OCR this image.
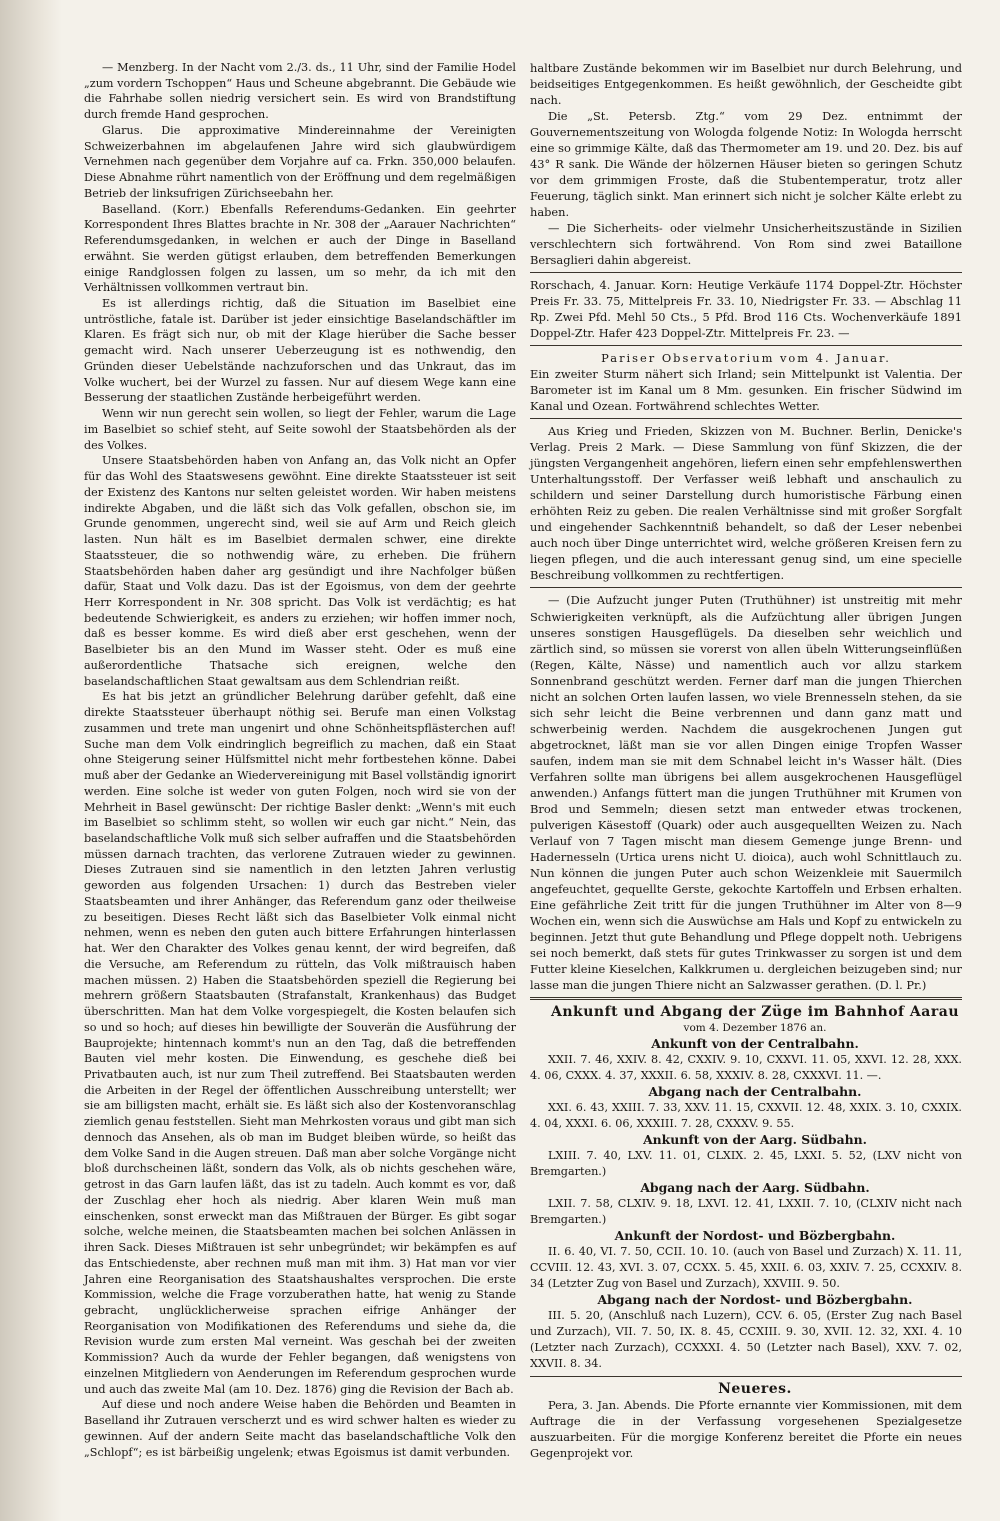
— Menzberg. In der Nacht vom 2./3. ds., 11 Uhr, sind der Familie Hodel „zum vordern Tschoppen“ Haus und Scheune abgebrannt. Die Gebäude wie die Fahrhabe sollen niedrig versichert sein. Es wird von Brandstiftung durch fremde Hand gesprochen.

Glarus. Die approximative Mindereinnahme der Vereinigten Schweizerbahnen im abgelaufenen Jahre wird sich glaubwürdigem Vernehmen nach gegenüber dem Vorjahre auf ca. Frkn. 350,000 belaufen. Diese Abnahme rührt namentlich von der Eröffnung und dem regelmäßigen Betrieb der linksufrigen Zürichseebahn her.

Baselland. (Korr.) Ebenfalls Referendums-Gedanken. Ein geehrter Korrespondent Ihres Blattes brachte in Nr. 308 der „Aarauer Nachrichten“ Referendumsgedanken, in welchen er auch der Dinge in Baselland erwähnt. Sie werden gütigst erlauben, dem betreffenden Bemerkungen einige Randglossen folgen zu lassen, um so mehr, da ich mit den Verhältnissen vollkommen vertraut bin.

Es ist allerdings richtig, daß die Situation im Baselbiet eine untröstliche, fatale ist. Darüber ist jeder einsichtige Baselandschäftler im Klaren. Es frägt sich nur, ob mit der Klage hierüber die Sache besser gemacht wird. Nach unserer Ueberzeugung ist es nothwendig, den Gründen dieser Uebelstände nachzuforschen und das Unkraut, das im Volke wuchert, bei der Wurzel zu fassen. Nur auf diesem Wege kann eine Besserung der staatlichen Zustände herbeigeführt werden.

Wenn wir nun gerecht sein wollen, so liegt der Fehler, warum die Lage im Baselbiet so schief steht, auf Seite sowohl der Staatsbehörden als der des Volkes.

Unsere Staatsbehörden haben von Anfang an, das Volk nicht an Opfer für das Wohl des Staatswesens gewöhnt. Eine direkte Staatssteuer ist seit der Existenz des Kantons nur selten geleistet worden. Wir haben meistens indirekte Abgaben, und die läßt sich das Volk gefallen, obschon sie, im Grunde genommen, ungerecht sind, weil sie auf Arm und Reich gleich lasten. Nun hält es im Baselbiet dermalen schwer, eine direkte Staatssteuer, die so nothwendig wäre, zu erheben. Die frühern Staatsbehörden haben daher arg gesündigt und ihre Nachfolger büßen dafür, Staat und Volk dazu. Das ist der Egoismus, von dem der geehrte Herr Korrespondent in Nr. 308 spricht. Das Volk ist verdächtig; es hat bedeutende Schwierigkeit, es anders zu erziehen; wir hoffen immer noch, daß es besser komme. Es wird dieß aber erst geschehen, wenn der Baselbieter bis an den Mund im Wasser steht. Oder es muß eine außerordentliche Thatsache sich ereignen, welche den baselandschaftlichen Staat gewaltsam aus dem Schlendrian reißt.

Es hat bis jetzt an gründlicher Belehrung darüber gefehlt, daß eine direkte Staatssteuer überhaupt nöthig sei. Berufe man einen Volkstag zusammen und trete man ungenirt und ohne Schönheitspflästerchen auf! Suche man dem Volk eindringlich begreiflich zu machen, daß ein Staat ohne Steigerung seiner Hülfsmittel nicht mehr fortbestehen könne. Dabei muß aber der Gedanke an Wiedervereinigung mit Basel vollständig ignorirt werden. Eine solche ist weder von guten Folgen, noch wird sie von der Mehrheit in Basel gewünscht: Der richtige Basler denkt: „Wenn's mit euch im Baselbiet so schlimm steht, so wollen wir euch gar nicht.“ Nein, das baselandschaftliche Volk muß sich selber aufraffen und die Staatsbehörden müssen darnach trachten, das verlorene Zutrauen wieder zu gewinnen. Dieses Zutrauen sind sie namentlich in den letzten Jahren verlustig geworden aus folgenden Ursachen: 1) durch das Bestreben vieler Staatsbeamten und ihrer Anhänger, das Referendum ganz oder theilweise zu beseitigen. Dieses Recht läßt sich das Baselbieter Volk einmal nicht nehmen, wenn es neben den guten auch bittere Erfahrungen hinterlassen hat. Wer den Charakter des Volkes genau kennt, der wird begreifen, daß die Versuche, am Referendum zu rütteln, das Volk mißtrauisch haben machen müssen. 2) Haben die Staatsbehörden speziell die Regierung bei mehrern größern Staatsbauten (Strafanstalt, Krankenhaus) das Budget überschritten. Man hat dem Volke vorgespiegelt, die Kosten belaufen sich so und so hoch; auf dieses hin bewilligte der Souverän die Ausführung der Bauprojekte; hintennach kommt's nun an den Tag, daß die betreffenden Bauten viel mehr kosten. Die Einwendung, es geschehe dieß bei Privatbauten auch, ist nur zum Theil zutreffend. Bei Staatsbauten werden die Arbeiten in der Regel der öffentlichen Ausschreibung unterstellt; wer sie am billigsten macht, erhält sie. Es läßt sich also der Kostenvoranschlag ziemlich genau feststellen. Sieht man Mehrkosten voraus und gibt man sich dennoch das Ansehen, als ob man im Budget bleiben würde, so heißt das dem Volke Sand in die Augen streuen. Daß man aber solche Vorgänge nicht bloß durchscheinen läßt, sondern das Volk, als ob nichts geschehen wäre, getrost in das Garn laufen läßt, das ist zu tadeln. Auch kommt es vor, daß der Zuschlag eher hoch als niedrig. Aber klaren Wein muß man einschenken, sonst erweckt man das Mißtrauen der Bürger. Es gibt sogar solche, welche meinen, die Staatsbeamten machen bei solchen Anlässen in ihren Sack. Dieses Mißtrauen ist sehr unbegründet; wir bekämpfen es auf das Entschiedenste, aber rechnen muß man mit ihm. 3) Hat man vor vier Jahren eine Reorganisation des Staatshaushaltes versprochen. Die erste Kommission, welche die Frage vorzuberathen hatte, hat wenig zu Stande gebracht, unglücklicherweise sprachen eifrige Anhänger der Reorganisation von Modifikationen des Referendums und siehe da, die Revision wurde zum ersten Mal verneint. Was geschah bei der zweiten Kommission? Auch da wurde der Fehler begangen, daß wenigstens von einzelnen Mitgliedern von Aenderungen im Referendum gesprochen wurde und auch das zweite Mal (am 10. Dez. 1876) ging die Revision der Bach ab.

Auf diese und noch andere Weise haben die Behörden und Beamten in Baselland ihr Zutrauen verscherzt und es wird schwer halten es wieder zu gewinnen. Auf der andern Seite macht das baselandschaftliche Volk den „Schlopf“; es ist bärbeißig ungelenk; etwas Egoismus ist damit verbunden.

haltbare Zustände bekommen wir im Baselbiet nur durch Belehrung, und beidseitiges Entgegenkommen. Es heißt gewöhnlich, der Gescheidte gibt nach.

Die „St. Petersb. Ztg.“ vom 29 Dez. entnimmt der Gouvernementszeitung von Wologda folgende Notiz: In Wologda herrscht eine so grimmige Kälte, daß das Thermometer am 19. und 20. Dez. bis auf 43° R sank. Die Wände der hölzernen Häuser bieten so geringen Schutz vor dem grimmigen Froste, daß die Stubentemperatur, trotz aller Feuerung, täglich sinkt. Man erinnert sich nicht je solcher Kälte erlebt zu haben.

— Die Sicherheits- oder vielmehr Unsicherheitszustände in Sizilien verschlechtern sich fortwährend. Von Rom sind zwei Bataillone Bersaglieri dahin abgereist.

Rorschach, 4. Januar. Korn: Heutige Verkäufe 1174 Doppel-Ztr. Höchster Preis Fr. 33. 75, Mittelpreis Fr. 33. 10, Niedrigster Fr. 33. — Abschlag 11 Rp. Zwei Pfd. Mehl 50 Cts., 5 Pfd. Brod 116 Cts. Wochenverkäufe 1891 Doppel-Ztr. Hafer 423 Doppel-Ztr. Mittelpreis Fr. 23. —

Pariser Observatorium vom 4. Januar.

Ein zweiter Sturm nähert sich Irland; sein Mittelpunkt ist Valentia. Der Barometer ist im Kanal um 8 Mm. gesunken. Ein frischer Südwind im Kanal und Ozean. Fortwährend schlechtes Wetter.

Aus Krieg und Frieden, Skizzen von M. Buchner. Berlin, Denicke's Verlag. Preis 2 Mark. — Diese Sammlung von fünf Skizzen, die der jüngsten Vergangenheit angehören, liefern einen sehr empfehlenswerthen Unterhaltungsstoff. Der Verfasser weiß lebhaft und anschaulich zu schildern und seiner Darstellung durch humoristische Färbung einen erhöhten Reiz zu geben. Die realen Verhältnisse sind mit großer Sorgfalt und eingehender Sachkenntniß behandelt, so daß der Leser nebenbei auch noch über Dinge unterrichtet wird, welche größeren Kreisen fern zu liegen pflegen, und die auch interessant genug sind, um eine specielle Beschreibung vollkommen zu rechtfertigen.

— (Die Aufzucht junger Puten (Truthühner) ist unstreitig mit mehr Schwierigkeiten verknüpft, als die Aufzüchtung aller übrigen Jungen unseres sonstigen Hausgeflügels. Da dieselben sehr weichlich und zärtlich sind, so müssen sie vorerst von allen übeln Witterungseinflüßen (Regen, Kälte, Nässe) und namentlich auch vor allzu starkem Sonnenbrand geschützt werden. Ferner darf man die jungen Thierchen nicht an solchen Orten laufen lassen, wo viele Brennesseln stehen, da sie sich sehr leicht die Beine verbrennen und dann ganz matt und schwerbeinig werden. Nachdem die ausgekrochenen Jungen gut abgetrocknet, läßt man sie vor allen Dingen einige Tropfen Wasser saufen, indem man sie mit dem Schnabel leicht in's Wasser hält. (Dies Verfahren sollte man übrigens bei allem ausgekrochenen Hausgeflügel anwenden.) Anfangs füttert man die jungen Truthühner mit Krumen von Brod und Semmeln; diesen setzt man entweder etwas trockenen, pulverigen Käsestoff (Quark) oder auch ausgequellten Weizen zu. Nach Verlauf von 7 Tagen mischt man diesem Gemenge junge Brenn- und Hadernesseln (Urtica urens nicht U. dioica), auch wohl Schnittlauch zu. Nun können die jungen Puter auch schon Weizenkleie mit Sauermilch angefeuchtet, gequellte Gerste, gekochte Kartoffeln und Erbsen erhalten. Eine gefährliche Zeit tritt für die jungen Truthühner im Alter von 8—9 Wochen ein, wenn sich die Auswüchse am Hals und Kopf zu entwickeln zu beginnen. Jetzt thut gute Behandlung und Pflege doppelt noth. Uebrigens sei noch bemerkt, daß stets für gutes Trinkwasser zu sorgen ist und dem Futter kleine Kieselchen, Kalkkrumen u. dergleichen beizugeben sind; nur lasse man die jungen Thiere nicht an Salzwasser gerathen. (D. l. Pr.)

Ankunft und Abgang der Züge im Bahnhof Aarau

vom 4. Dezember 1876 an.

Ankunft von der Centralbahn.

XXII. 7. 46, XXIV. 8. 42, CXXIV. 9. 10, CXXVI. 11. 05, XXVI. 12. 28, XXX. 4. 06, CXXX. 4. 37, XXXII. 6. 58, XXXIV. 8. 28, CXXXVI. 11. —.

Abgang nach der Centralbahn.

XXI. 6. 43, XXIII. 7. 33, XXV. 11. 15, CXXVII. 12. 48, XXIX. 3. 10, CXXIX. 4. 04, XXXI. 6. 06, XXXIII. 7. 28, CXXXV. 9. 55.

Ankunft von der Aarg. Südbahn.

LXIII. 7. 40, LXV. 11. 01, CLXIX. 2. 45, LXXI. 5. 52, (LXV nicht von Bremgarten.)

Abgang nach der Aarg. Südbahn.

LXII. 7. 58, CLXIV. 9. 18, LXVI. 12. 41, LXXII. 7. 10, (CLXIV nicht nach Bremgarten.)

Ankunft der Nordost- und Bözbergbahn.

II. 6. 40, VI. 7. 50, CCII. 10. 10. (auch von Basel und Zurzach) X. 11. 11, CCVIII. 12. 43, XVI. 3. 07, CCXX. 5. 45, XXII. 6. 03, XXIV. 7. 25, CCXXIV. 8. 34 (Letzter Zug von Basel und Zurzach), XXVIII. 9. 50.

Abgang nach der Nordost- und Bözbergbahn.

III. 5. 20, (Anschluß nach Luzern), CCV. 6. 05, (Erster Zug nach Basel und Zurzach), VII. 7. 50, IX. 8. 45, CCXIII. 9. 30, XVII. 12. 32, XXI. 4. 10 (Letzter nach Zurzach), CCXXXI. 4. 50 (Letzter nach Basel), XXV. 7. 02, XXVII. 8. 34.

Neueres.

Pera, 3. Jan. Abends. Die Pforte ernannte vier Kommissionen, mit dem Auftrage die in der Verfassung vorgesehenen Spezialgesetze auszuarbeiten. Für die morgige Konferenz bereitet die Pforte ein neues Gegenprojekt vor.
